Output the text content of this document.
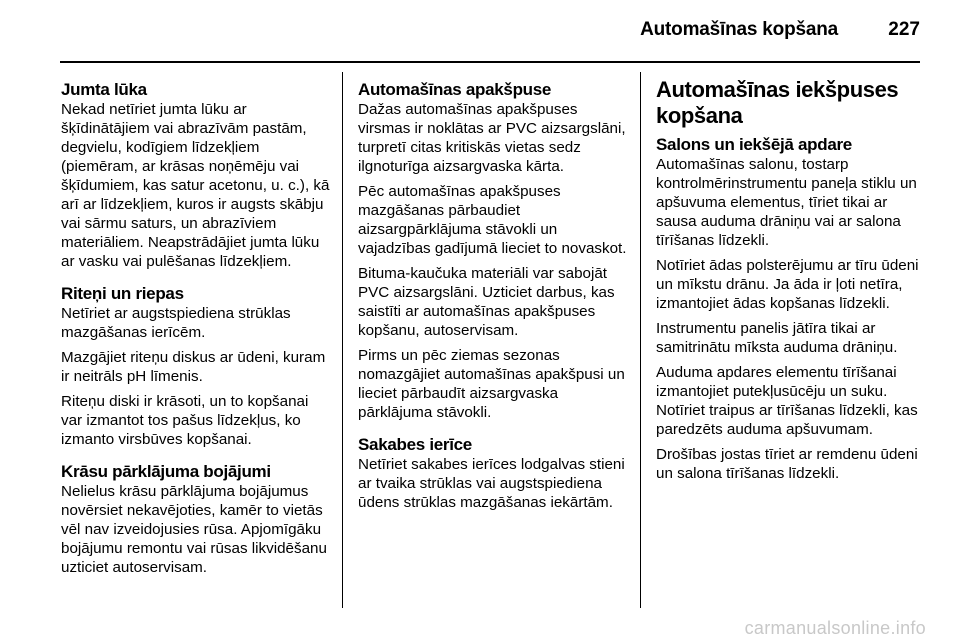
Automašīnas kopšana	227
Jumta lūka

Nekad netīriet jumta lūku ar šķīdinātājiem vai abrazīvām pastām, degvielu, kodīgiem līdzekļiem (piemēram, ar krāsas noņēmēju vai šķīdumiem, kas satur acetonu, u. c.), kā arī ar līdzekļiem, kuros ir augsts skābju vai sārmu saturs, un abrazīviem materiāliem. Neapstrādājiet jumta lūku ar vasku vai pulēšanas līdzekļiem.

Riteņi un riepas

Netīriet ar augstspiediena strūklas mazgāšanas ierīcēm.

Mazgājiet riteņu diskus ar ūdeni, kuram ir neitrāls pH līmenis.

Riteņu diski ir krāsoti, un to kopšanai var izmantot tos pašus līdzekļus, ko izmanto virsbūves kopšanai.

Krāsu pārklājuma bojājumi

Nelielus krāsu pārklājuma bojājumus novērsiet nekavējoties, kamēr to vietās vēl nav izveidojusies rūsa. Apjomīgāku bojājumu remontu vai rūsas likvidēšanu uzticiet autoservisam.

Automašīnas apakšpuse

Dažas automašīnas apakšpuses virsmas ir noklātas ar PVC aizsargslāni, turpretī citas kritiskās vietas sedz ilgnoturīga aizsargvaska kārta.

Pēc automašīnas apakšpuses mazgāšanas pārbaudiet aizsargpārklājuma stāvokli un vajadzības gadījumā lieciet to novaskot.

Bituma-kaučuka materiāli var sabojāt PVC aizsargslāni. Uzticiet darbus, kas saistīti ar automašīnas apakšpuses kopšanu, autoservisam.

Pirms un pēc ziemas sezonas nomazgājiet automašīnas apakšpusi un lieciet pārbaudīt aizsargvaska pārklājuma stāvokli.

Sakabes ierīce

Netīriet sakabes ierīces lodgalvas stieni ar tvaika strūklas vai augstspiediena ūdens strūklas mazgāšanas iekārtām.

Automašīnas iekšpuses kopšana
Salons un iekšējā apdare

Automašīnas salonu, tostarp kontrolmērinstrumentu paneļa stiklu un apšuvuma elementus, tīriet tikai ar sausa auduma drāniņu vai ar salona tīrīšanas līdzekli.

Notīriet ādas polsterējumu ar tīru ūdeni un mīkstu drānu. Ja āda ir ļoti netīra, izmantojiet ādas kopšanas līdzekli.

Instrumentu panelis jātīra tikai ar samitrinātu mīksta auduma drāniņu.

Auduma apdares elementu tīrīšanai izmantojiet putekļusūcēju un suku. Notīriet traipus ar tīrīšanas līdzekli, kas paredzēts auduma apšuvumam.

Drošības jostas tīriet ar remdenu ūdeni un salona tīrīšanas līdzekli.

carmanualsonline.info
